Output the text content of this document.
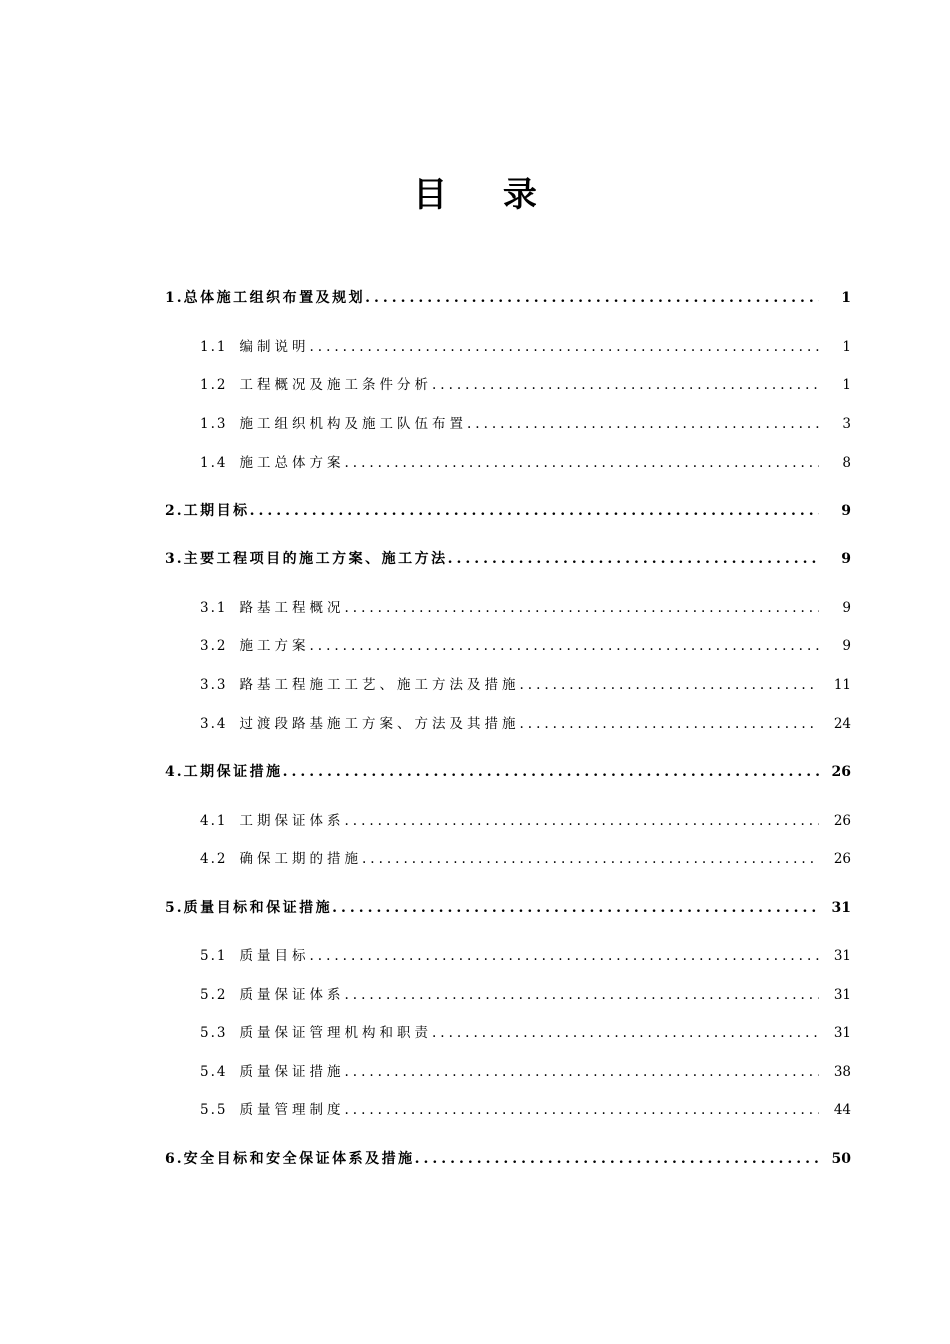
目 录
1. 总体施工组织布置及规划 .....	1
1.1 编制说明 .....	1
1.2 工程概况及施工条件分析 .....	1
1.3 施工组织机构及施工队伍布置 .....	3
1.4 施工总体方案 .....	8
2. 工期目标 .....	9
3. 主要工程项目的施工方案、施工方法 .....	9
3.1 路基工程概况 .....	9
3.2 施工方案 .....	9
3.3 路基工程施工工艺、施工方法及措施 .....	11
3.4 过渡段路基施工方案、方法及其措施 .....	24
4. 工期保证措施 .....	26
4.1 工期保证体系 .....	26
4.2 确保工期的措施 .....	26
5. 质量目标和保证措施 .....	31
5.1 质量目标 .....	31
5.2 质量保证体系 .....	31
5.3 质量保证管理机构和职责 .....	31
5.4 质量保证措施 .....	38
5.5 质量管理制度 .....	44
6. 安全目标和安全保证体系及措施 .....	50
